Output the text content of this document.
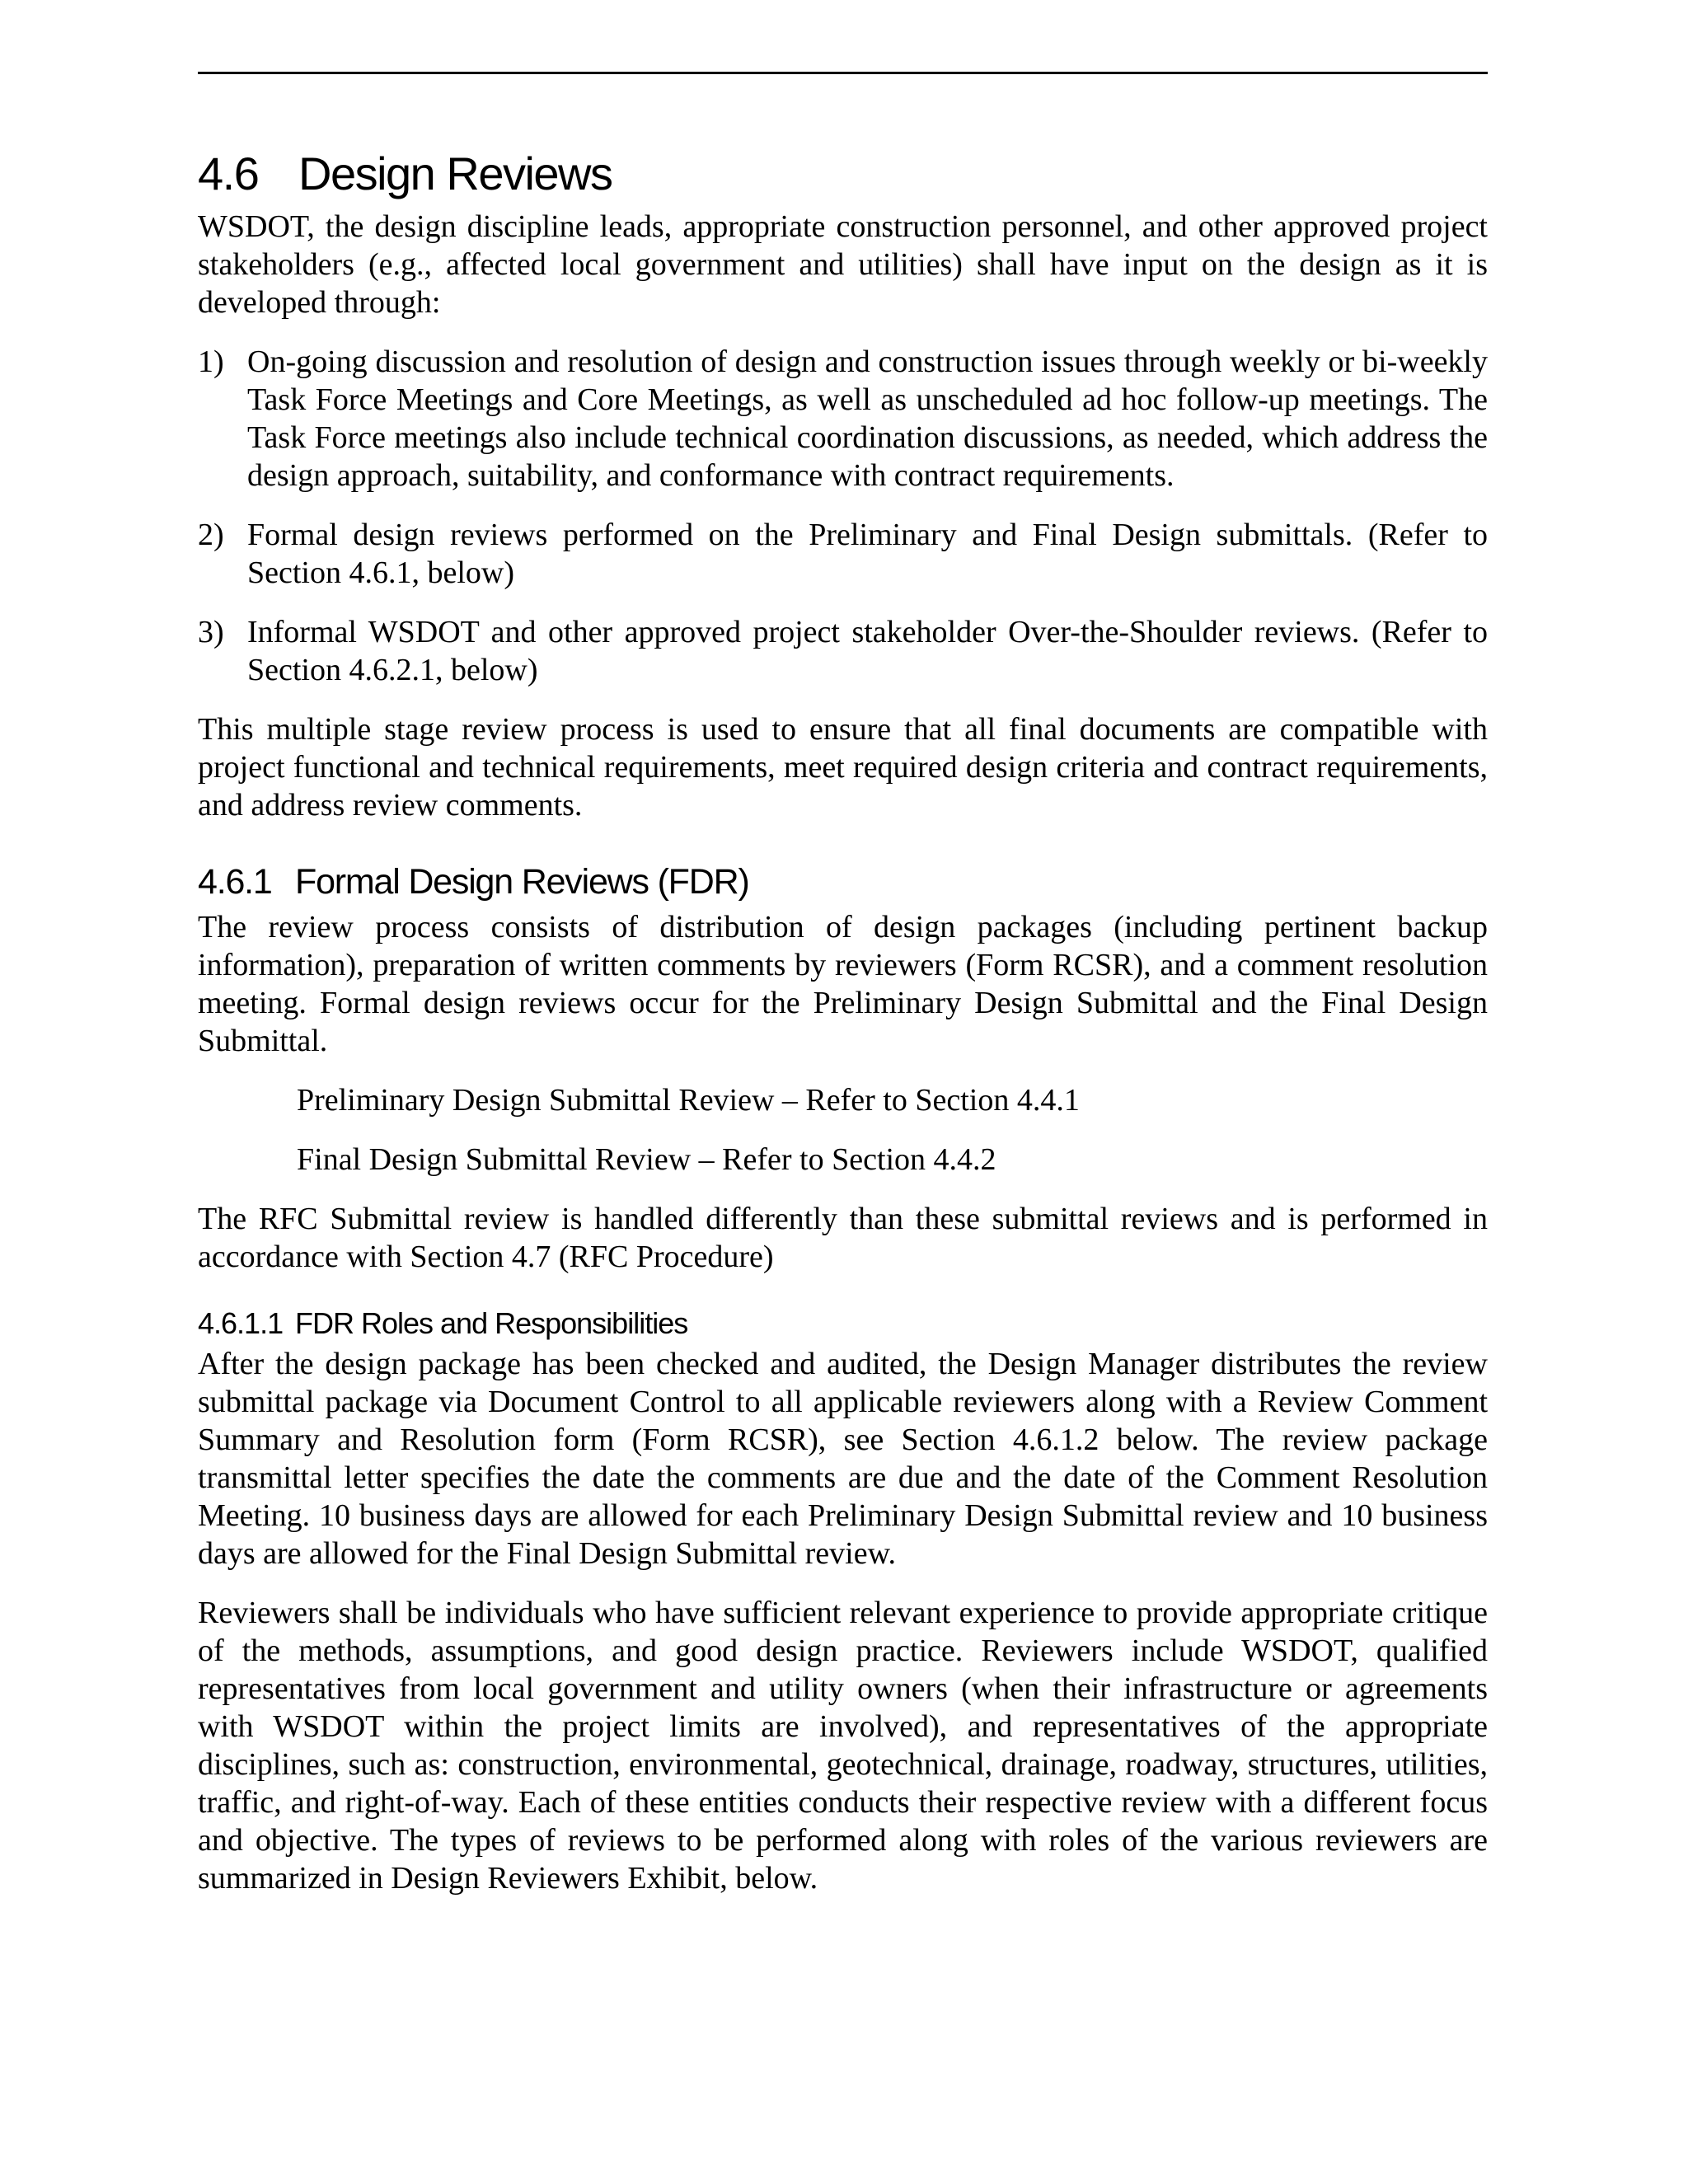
4.6 Design Reviews

WSDOT, the design discipline leads, appropriate construction personnel, and other approved project stakeholders (e.g., affected local government and utilities) shall have input on the design as it is developed through:

1) On-going discussion and resolution of design and construction issues through weekly or bi-weekly Task Force Meetings and Core Meetings, as well as unscheduled ad hoc follow-up meetings. The Task Force meetings also include technical coordination discussions, as needed, which address the design approach, suitability, and conformance with contract requirements.
2) Formal design reviews performed on the Preliminary and Final Design submittals. (Refer to Section 4.6.1, below)
3) Informal WSDOT and other approved project stakeholder Over-the-Shoulder reviews. (Refer to Section 4.6.2.1, below)

This multiple stage review process is used to ensure that all final documents are compatible with project functional and technical requirements, meet required design criteria and contract requirements, and address review comments.

4.6.1 Formal Design Reviews (FDR)

The review process consists of distribution of design packages (including pertinent backup information), preparation of written comments by reviewers (Form RCSR), and a comment resolution meeting. Formal design reviews occur for the Preliminary Design Submittal and the Final Design Submittal.

Preliminary Design Submittal Review – Refer to Section 4.4.1

Final Design Submittal Review – Refer to Section 4.4.2

The RFC Submittal review is handled differently than these submittal reviews and is performed in accordance with Section 4.7 (RFC Procedure)

4.6.1.1 FDR Roles and Responsibilities

After the design package has been checked and audited, the Design Manager distributes the review submittal package via Document Control to all applicable reviewers along with a Review Comment Summary and Resolution form (Form RCSR), see Section 4.6.1.2 below. The review package transmittal letter specifies the date the comments are due and the date of the Comment Resolution Meeting. 10 business days are allowed for each Preliminary Design Submittal review and 10 business days are allowed for the Final Design Submittal review.

Reviewers shall be individuals who have sufficient relevant experience to provide appropriate critique of the methods, assumptions, and good design practice. Reviewers include WSDOT, qualified representatives from local government and utility owners (when their infrastructure or agreements with WSDOT within the project limits are involved), and representatives of the appropriate disciplines, such as: construction, environmental, geotechnical, drainage, roadway, structures, utilities, traffic, and right-of-way. Each of these entities conducts their respective review with a different focus and objective. The types of reviews to be performed along with roles of the various reviewers are summarized in Design Reviewers Exhibit, below.
